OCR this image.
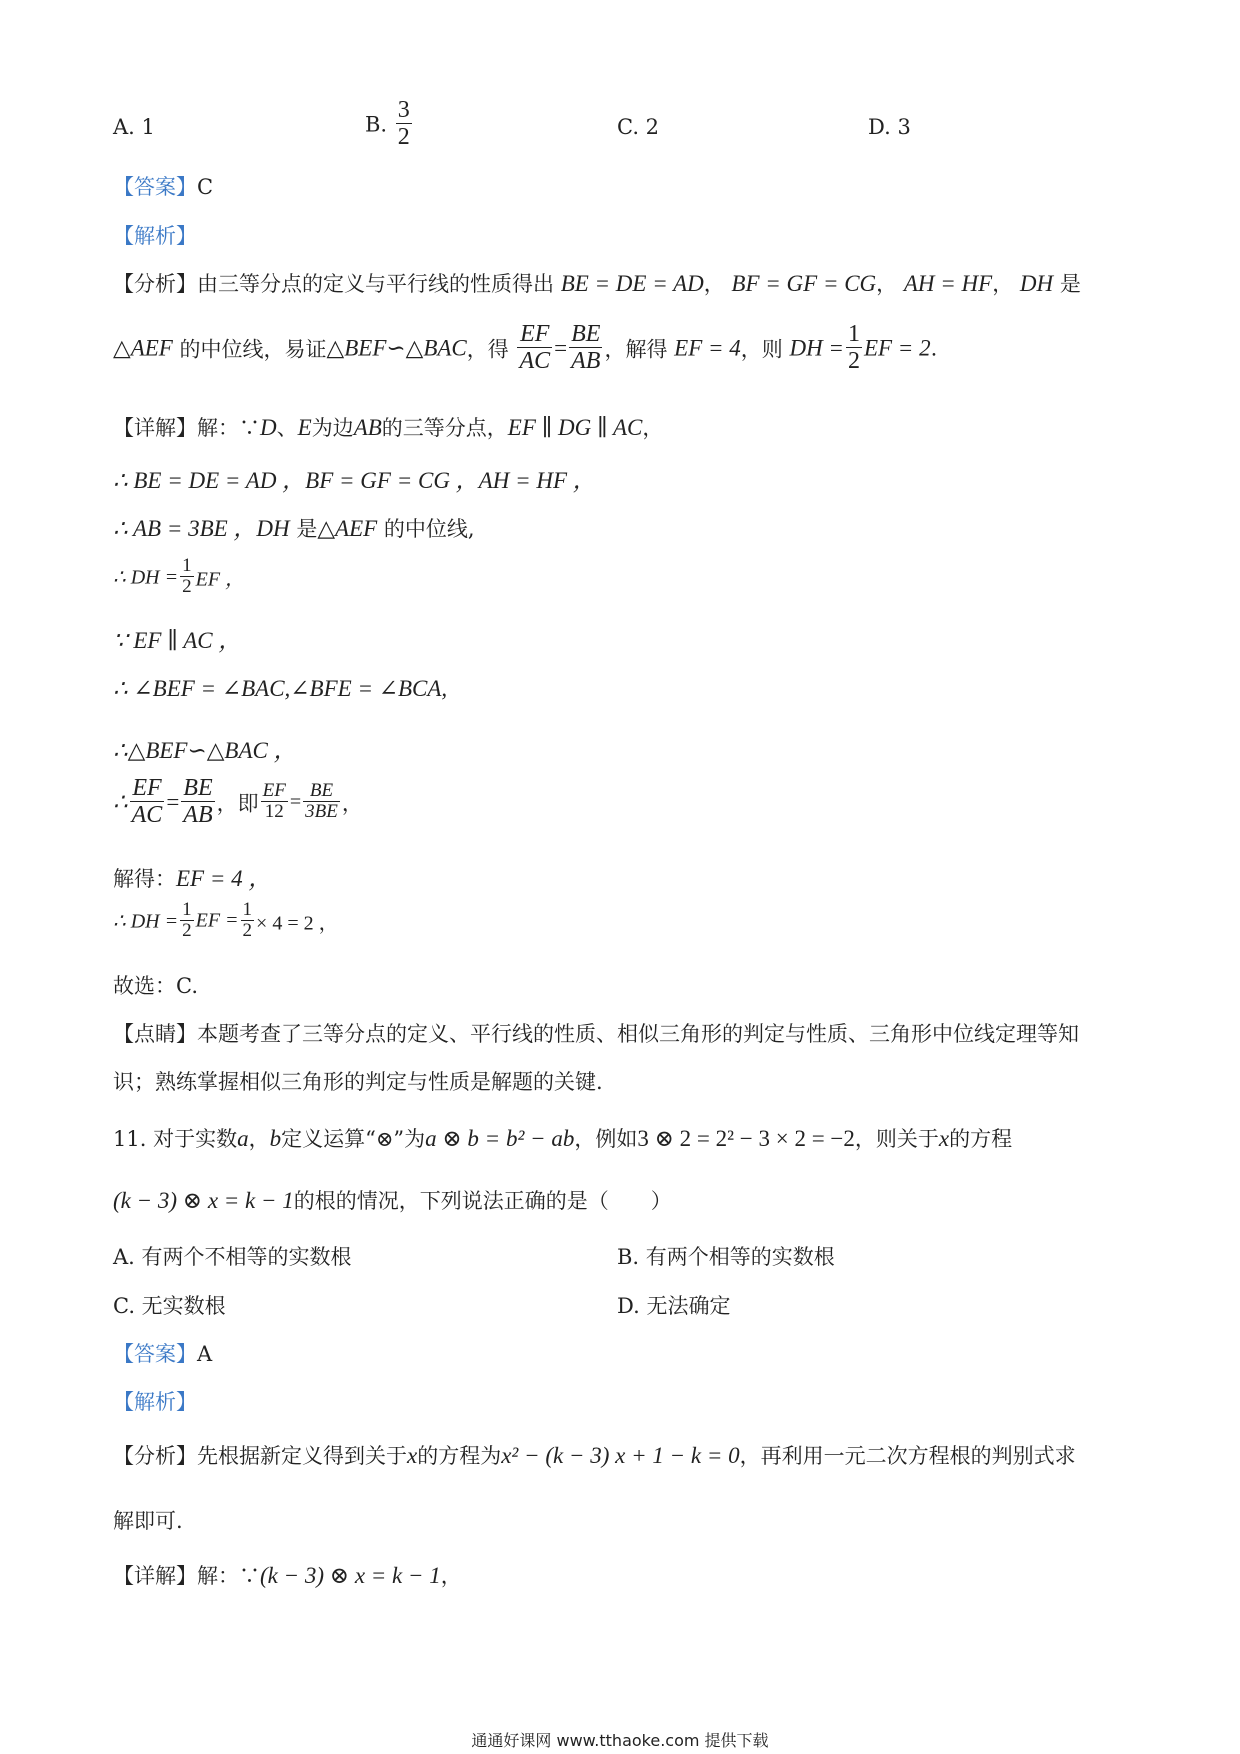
A. 1	B. $\frac{3}{2}$	C. 2	D. 3
【答案】C
【解析】
【分析】由三等分点的定义与平行线的性质得出 BE = DE = AD， BF = GF = CG， AH = HF， DH 是
△AEF 的中位线，易证△BEF∽△BAC，得 $\frac{EF}{AC} = \frac{BE}{AB}$ ，解得 EF = 4，则 DH = $\frac{1}{2}$ EF = 2.
【详解】解：∵D、E为边AB的三等分点，EF ∥ DG ∥ AC，
∴ BE = DE = AD ，BF = GF = CG ，AH = HF ，
∴ AB = 3BE ，DH 是△AEF 的中位线,
∴ DH = $\frac{1}{2}$ EF ，
∵ EF ∥ AC ，
∴ ∠BEF = ∠BAC,∠BFE = ∠BCA,
∴△BEF∽△BAC ，
∴ $\frac{EF}{AC} = \frac{BE}{AB}$ ，即 $\frac{EF}{12} = \frac{BE}{3BE}$ ，
解得：EF = 4 ，
∴ DH = $\frac{1}{2}$ EF = $\frac{1}{2} \times 4 = 2$ ，
故选：C.
【点睛】本题考查了三等分点的定义、平行线的性质、相似三角形的判定与性质、三角形中位线定理等知
识；熟练掌握相似三角形的判定与性质是解题的关键.
11. 对于实数a，b定义运算“⊗”为a ⊗ b = b² − ab，例如3 ⊗ 2 = 2² − 3 × 2 = −2，则关于x的方程
(k − 3) ⊗ x = k − 1的根的情况，下列说法正确的是（　　）
A. 有两个不相等的实数根	B. 有两个相等的实数根
C. 无实数根	D. 无法确定
【答案】A
【解析】
【分析】先根据新定义得到关于x的方程为x² − (k − 3) x + 1 − k = 0，再利用一元二次方程根的判别式求
解即可.
【详解】解：∵(k − 3) ⊗ x = k − 1，
通通好课网 www.tthaoke.com 提供下载
